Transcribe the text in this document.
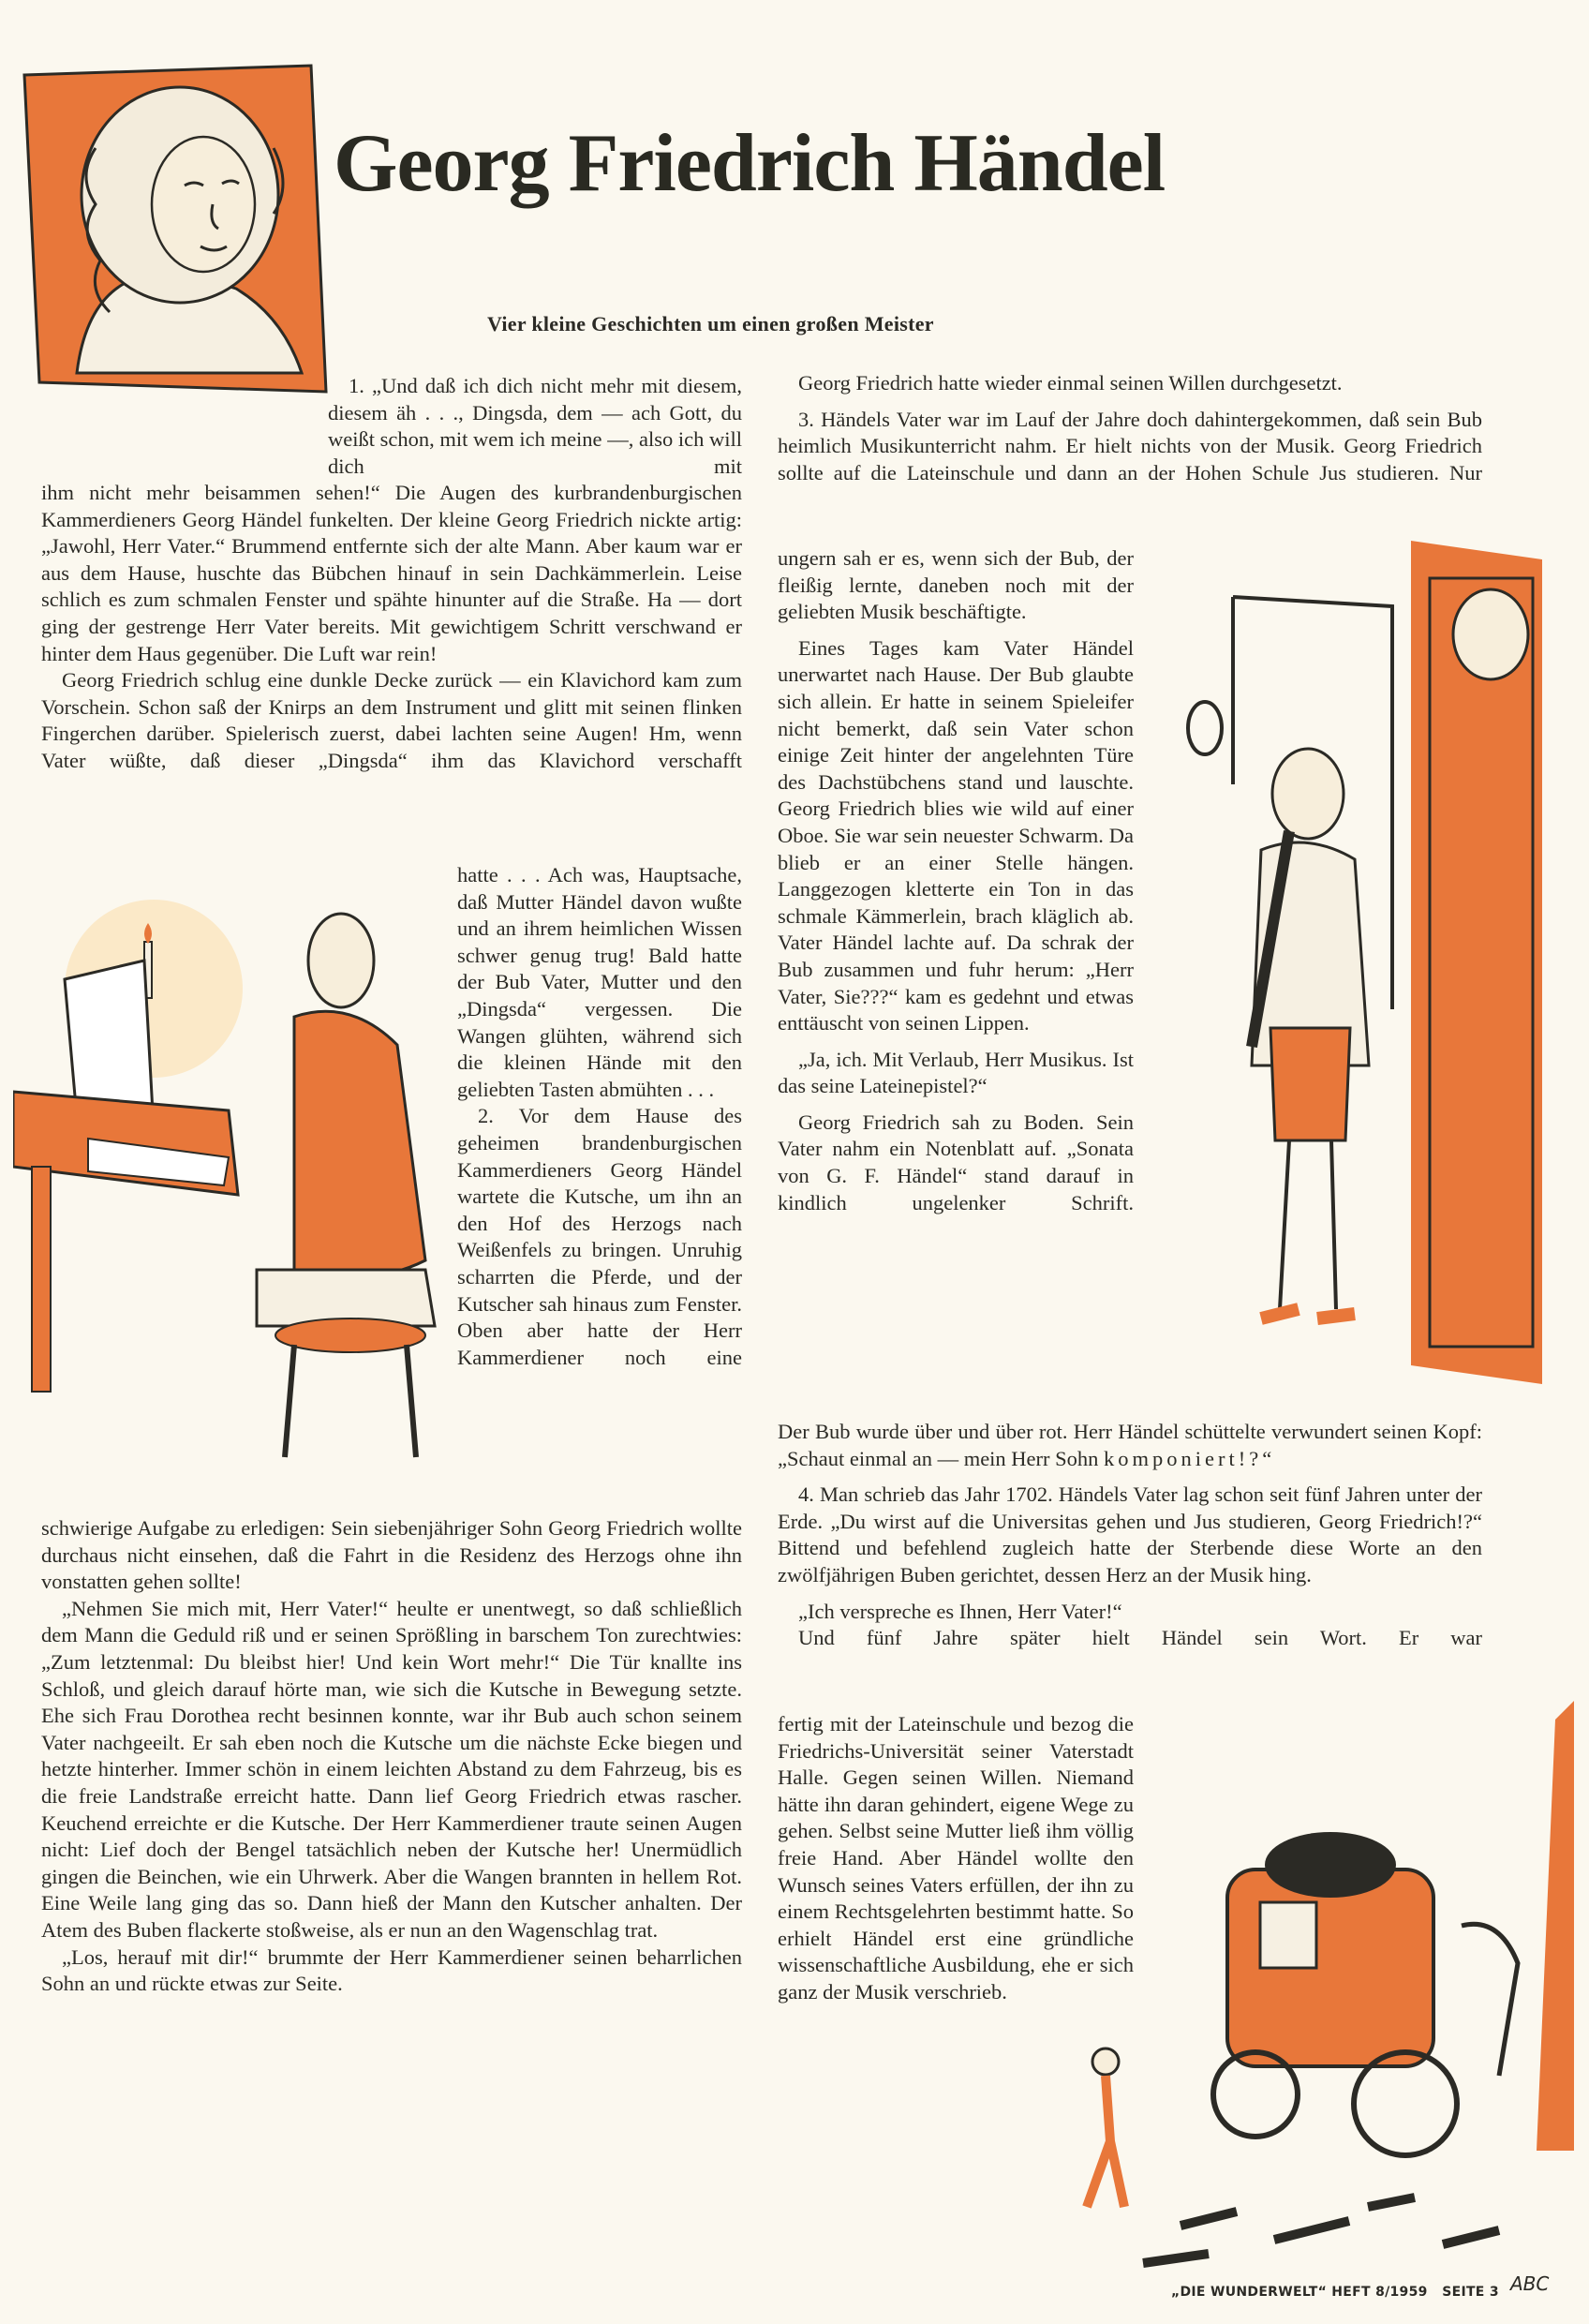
Georg Friedrich Händel
Vier kleine Geschichten um einen großen Meister

1. „Und daß ich dich nicht mehr mit diesem, diesem äh . . ., Dingsda, dem — ach Gott, du weißt schon, mit wem ich meine —, also ich will dich mit

ihm nicht mehr beisammen sehen!“ Die Augen des kurbrandenburgischen Kammerdieners Georg Händel funkelten. Der kleine Georg Friedrich nickte artig: „Jawohl, Herr Vater.“ Brummend entfernte sich der alte Mann. Aber kaum war er aus dem Hause, huschte das Bübchen hinauf in sein Dachkämmerlein. Leise schlich es zum schmalen Fenster und spähte hinunter auf die Straße. Ha — dort ging der gestrenge Herr Vater bereits. Mit gewichtigem Schritt verschwand er hinter dem Haus gegenüber. Die Luft war rein!

Georg Friedrich schlug eine dunkle Decke zurück — ein Klavichord kam zum Vorschein. Schon saß der Knirps an dem Instrument und glitt mit seinen flinken Fingerchen darüber. Spielerisch zuerst, dabei lachten seine Augen! Hm, wenn Vater wüßte, daß dieser „Dingsda“ ihm das Klavichord verschafft

hatte . . . Ach was, Hauptsache, daß Mutter Händel davon wußte und an ihrem heimlichen Wissen schwer genug trug! Bald hatte der Bub Vater, Mutter und den „Dingsda“ vergessen. Die Wangen glühten, während sich die kleinen Hände mit den geliebten Tasten abmühten . . .

2. Vor dem Hause des geheimen brandenburgischen Kammerdieners Georg Händel wartete die Kutsche, um ihn an den Hof des Herzogs nach Weißenfels zu bringen. Unruhig scharrten die Pferde, und der Kutscher sah hinaus zum Fenster. Oben aber hatte der Herr Kammerdiener noch eine

schwierige Aufgabe zu erledigen: Sein siebenjähriger Sohn Georg Friedrich wollte durchaus nicht einsehen, daß die Fahrt in die Residenz des Herzogs ohne ihn vonstatten gehen sollte!

„Nehmen Sie mich mit, Herr Vater!“ heulte er unentwegt, so daß schließlich dem Mann die Geduld riß und er seinen Sprößling in barschem Ton zurechtwies: „Zum letztenmal: Du bleibst hier! Und kein Wort mehr!“ Die Tür knallte ins Schloß, und gleich darauf hörte man, wie sich die Kutsche in Bewegung setzte. Ehe sich Frau Dorothea recht besinnen konnte, war ihr Bub auch schon seinem Vater nachgeeilt. Er sah eben noch die Kutsche um die nächste Ecke biegen und hetzte hinterher. Immer schön in einem leichten Abstand zu dem Fahrzeug, bis es die freie Landstraße erreicht hatte. Dann lief Georg Friedrich etwas rascher. Keuchend erreichte er die Kutsche. Der Herr Kammerdiener traute seinen Augen nicht: Lief doch der Bengel tatsächlich neben der Kutsche her! Unermüdlich gingen die Beinchen, wie ein Uhrwerk. Aber die Wangen brannten in hellem Rot. Eine Weile lang ging das so. Dann hieß der Mann den Kutscher anhalten. Der Atem des Buben flackerte stoßweise, als er nun an den Wagenschlag trat.

„Los, herauf mit dir!“ brummte der Herr Kammerdiener seinen beharrlichen Sohn an und rückte etwas zur Seite.

Georg Friedrich hatte wieder einmal seinen Willen durchgesetzt.

3. Händels Vater war im Lauf der Jahre doch dahintergekommen, daß sein Bub heimlich Musikunterricht nahm. Er hielt nichts von der Musik. Georg Friedrich sollte auf die Lateinschule und dann an der Hohen Schule Jus studieren. Nur

ungern sah er es, wenn sich der Bub, der fleißig lernte, daneben noch mit der geliebten Musik beschäftigte.

Eines Tages kam Vater Händel unerwartet nach Hause. Der Bub glaubte sich allein. Er hatte in seinem Spieleifer nicht bemerkt, daß sein Vater schon einige Zeit hinter der angelehnten Türe des Dachstübchens stand und lauschte. Georg Friedrich blies wie wild auf einer Oboe. Sie war sein neuester Schwarm. Da blieb er an einer Stelle hängen. Langgezogen kletterte ein Ton in das schmale Kämmerlein, brach kläglich ab. Vater Händel lachte auf. Da schrak der Bub zusammen und fuhr herum: „Herr Vater, Sie???“ kam es gedehnt und etwas enttäuscht von seinen Lippen.

„Ja, ich. Mit Verlaub, Herr Musikus. Ist das seine Lateinepistel?“

Georg Friedrich sah zu Boden. Sein Vater nahm ein Notenblatt auf. „Sonata von G. F. Händel“ stand darauf in kindlich ungelenker Schrift.

Der Bub wurde über und über rot. Herr Händel schüttelte verwundert seinen Kopf: „Schaut einmal an — mein Herr Sohn komponiert!?“

4. Man schrieb das Jahr 1702. Händels Vater lag schon seit fünf Jahren unter der Erde. „Du wirst auf die Universitas gehen und Jus studieren, Georg Friedrich!?“ Bittend und befehlend zugleich hatte der Sterbende diese Worte an den zwölfjährigen Buben gerichtet, dessen Herz an der Musik hing.

„Ich verspreche es Ihnen, Herr Vater!“

Und fünf Jahre später hielt Händel sein Wort. Er war

fertig mit der Lateinschule und bezog die Friedrichs-Universität seiner Vaterstadt Halle. Gegen seinen Willen. Niemand hätte ihn daran gehindert, eigene Wege zu gehen. Selbst seine Mutter ließ ihm völlig freie Hand. Aber Händel wollte den Wunsch seines Vaters erfüllen, der ihn zu einem Rechtsgelehrten bestimmt hatte. So erhielt Händel erst eine gründliche wissenschaftliche Ausbildung, ehe er sich ganz der Musik verschrieb.

„DIE WUNDERWELT“ HEFT 8/1959   SEITE 3 ABC
